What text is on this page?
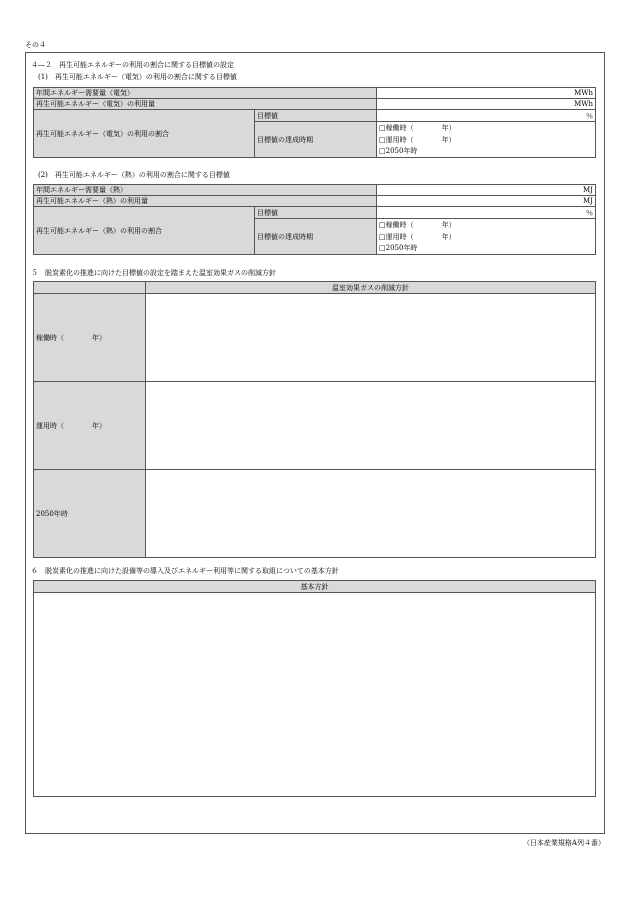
その４
４―２　再生可能エネルギーの利用の割合に関する目標値の設定
(1)　再生可能エネルギー（電気）の利用の割合に関する目標値
年間エネルギー需要量（電気）		MWh
再生可能エネルギー（電気）の利用量		MWh
再生可能エネルギー（電気）の利用の割合	目標値	％
	目標値の達成時期	□稼働時（　　　　年）
		□運用時（　　　　年）
		□2050年時
(2)　再生可能エネルギー（熱）の利用の割合に関する目標値
年間エネルギー需要量（熱）		MJ
再生可能エネルギー（熱）の利用量		MJ
再生可能エネルギー（熱）の利用の割合	目標値	％
	目標値の達成時期	□稼働時（　　　　年）
		□運用時（　　　　年）
		□2050年時
５　脱炭素化の推進に向けた目標値の設定を踏まえた温室効果ガスの削減方針
	温室効果ガスの削減方針
稼働時（　　　　年）	
運用時（　　　　年）	
2050年時	
６　脱炭素化の推進に向けた設備等の導入及びエネルギー利用等に関する取組についての基本方針
基本方針

（日本産業規格A列４番）
